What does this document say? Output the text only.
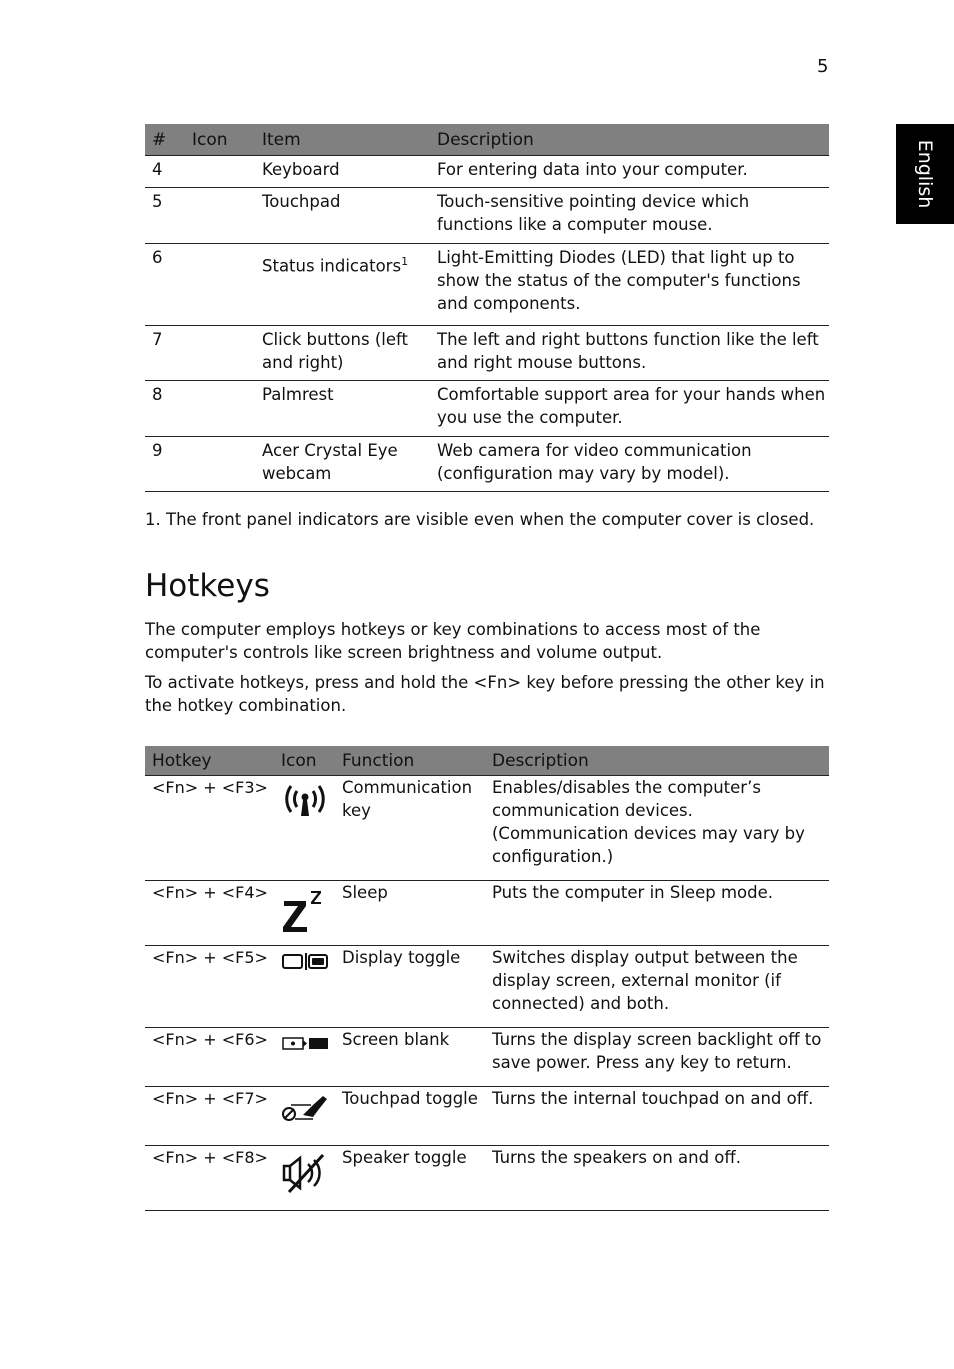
5
English
#	Icon	Item	Description
4		Keyboard	For entering data into your computer.
5		Touchpad	Touch-sensitive pointing device which functions like a computer mouse.
6		Status indicators$^1$	Light-Emitting Diodes (LED) that light up to show the status of the computer's functions and components.
7		Click buttons (left and right)	The left and right buttons function like the left and right mouse buttons.
8		Palmrest	Comfortable support area for your hands when you use the computer.
9		Acer Crystal Eye webcam	Web camera for video communication (configuration may vary by model).
1. The front panel indicators are visible even when the computer cover is closed.
Hotkeys
The computer employs hotkeys or key combinations to access most of the computer's controls like screen brightness and volume output.
To activate hotkeys, press and hold the <Fn> key before pressing the other key in the hotkey combination.
Hotkey	Icon	Function	Description
<Fn> + <F3>		Communication key	Enables/disables the computer’s communication devices. (Communication devices may vary by configuration.)
<Fn> + <F4>		Sleep	Puts the computer in Sleep mode.
<Fn> + <F5>		Display toggle	Switches display output between the display screen, external monitor (if connected) and both.
<Fn> + <F6>		Screen blank	Turns the display screen backlight off to save power. Press any key to return.
<Fn> + <F7>		Touchpad toggle	Turns the internal touchpad on and off.
<Fn> + <F8>		Speaker toggle	Turns the speakers on and off.
